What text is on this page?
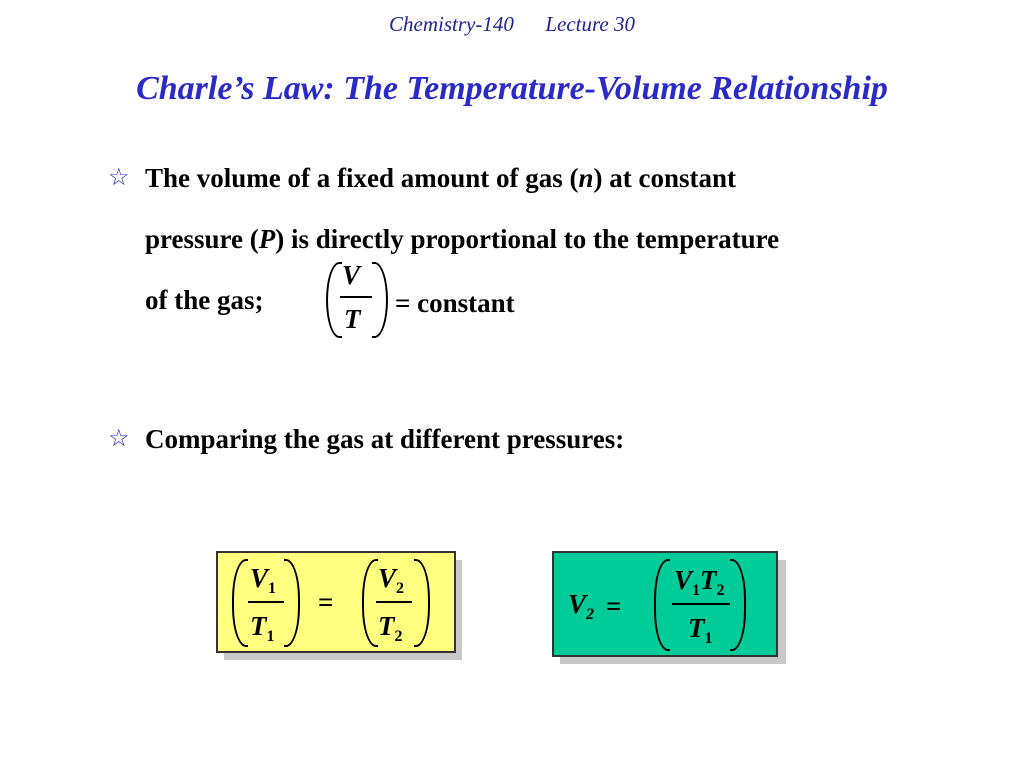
Chemistry-140 Lecture 30
Charle’s Law: The Temperature-Volume Relationship
☆ The volume of a fixed amount of gas (n) at constant
pressure (P) is directly proportional to the temperature
of the gas;
V
T
= constant
☆ Comparing the gas at different pressures:
$V_1$
$T_1$
=
$V_2$
$T_2$
$V_2$ =
$V_1T_2$
$T_1$
